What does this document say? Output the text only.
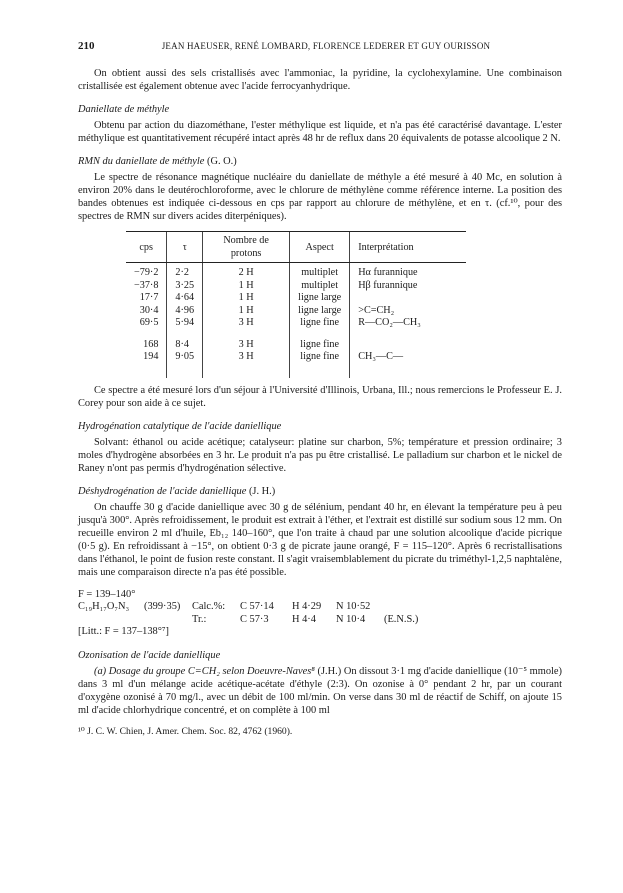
210	JEAN HAEUSER, RENÉ LOMBARD, FLORENCE LEDERER ET GUY OURISSON

On obtient aussi des sels cristallisés avec l'ammoniac, la pyridine, la cyclohexylamine. Une combinaison cristallisée est également obtenue avec l'acide ferrocyanhydrique.

Daniellate de méthyle

Obtenu par action du diazométhane, l'ester méthylique est liquide, et n'a pas été caractérisé davantage. L'ester méthylique est quantitativement récupéré intact après 48 hr de reflux dans 20 équivalents de potasse alcoolique 2 N.

RMN du daniellate de méthyle (G. O.)

Le spectre de résonance magnétique nucléaire du daniellate de méthyle a été mesuré à 40 Mc, en solution à environ 20% dans le deutérochloroforme, avec le chlorure de méthylène comme référence interne. La position des bandes obtenues est indiquée ci-dessous en cps par rapport au chlorure de méthylène, et en τ. (cf.¹⁰, pour des spectres de RMN sur divers acides diterpéniques).

cps	τ	Nombre de protons	Aspect	Interprétation
−79·2	2·2	2 H	multiplet	Hα furannique
−37·8	3·25	1 H	multiplet	Hβ furannique
17·7	4·64	1 H	ligne large	
30·4	4·96	1 H	ligne large	>C=CH₂
69·5	5·94	3 H	ligne fine	R—CO₂—CH₃
168	8·4	3 H	ligne fine	
194	9·05	3 H	ligne fine	CH₃—C—

Ce spectre a été mesuré lors d'un séjour à l'Université d'Illinois, Urbana, Ill.; nous remercions le Professeur E. J. Corey pour son aide à ce sujet.

Hydrogénation catalytique de l'acide daniellique

Solvant: éthanol ou acide acétique; catalyseur: platine sur charbon, 5%; température et pression ordinaire; 3 moles d'hydrogène absorbées en 3 hr. Le produit n'a pas pu être cristallisé. Le palladium sur charbon et le nickel de Raney n'ont pas permis d'hydrogénation sélective.

Déshydrogénation de l'acide daniellique (J. H.)

On chauffe 30 g d'acide daniellique avec 30 g de sélénium, pendant 40 hr, en élevant la température peu à peu jusqu'à 300°. Après refroidissement, le produit est extrait à l'éther, et l'extrait est distillé sur sodium sous 12 mm. On recueille environ 2 ml d'huile, Eb₁₂ 140–160°, que l'on traite à chaud par une solution alcoolique d'acide picrique (0·5 g). En refroidissant à −15°, on obtient 0·3 g de picrate jaune orangé, F = 115–120°. Après 6 recristallisations dans l'éthanol, le point de fusion reste constant. Il s'agit vraisemblablement du picrate du triméthyl-1,2,5 naphtalène, mais une comparaison directe n'a pas été possible.

F = 139–140°
C₁₉H₁₇O₇N₃	(399·35)	Calc.%:	C 57·14	H 4·29	N 10·52
Tr.:	C 57·3	H 4·4	N 10·4	(E.N.S.)
[Litt.: F = 137–138°⁷]
Ozonisation de l'acide daniellique

(a) Dosage du groupe C=CH₂ selon Doeuvre-Naves⁸ (J.H.) On dissout 3·1 mg d'acide daniellique (10⁻⁵ mmole) dans 3 ml d'un mélange acide acétique-acétate d'éthyle (2:3). On ozonise à 0° pendant 2 hr, par un courant d'oxygène ozonisé à 70 mg/l., avec un débit de 100 ml/min. On verse dans 30 ml de réactif de Schiff, on ajoute 15 ml d'acide chlorhydrique concentré, et on complète à 100 ml

¹⁰ J. C. W. Chien, J. Amer. Chem. Soc. 82, 4762 (1960).
